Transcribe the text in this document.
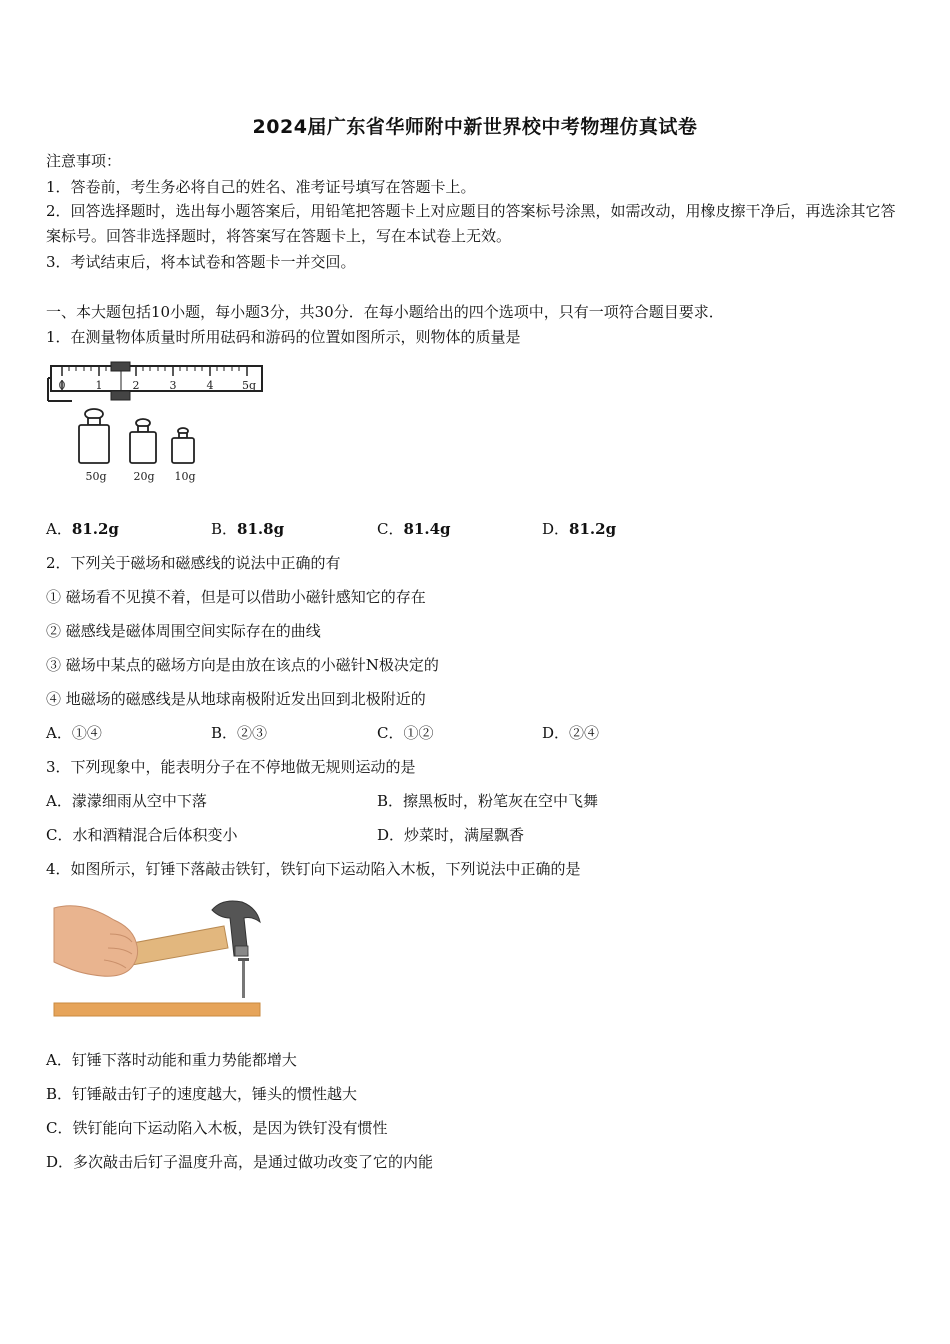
2024届广东省华师附中新世界校中考物理仿真试卷
注意事项：
1．答卷前，考生务必将自己的姓名、准考证号填写在答题卡上。
2．回答选择题时，选出每小题答案后，用铅笔把答题卡上对应题目的答案标号涂黑，如需改动，用橡皮擦干净后，再选涂其它答案标号。回答非选择题时，将答案写在答题卡上，写在本试卷上无效。
3．考试结束后，将本试卷和答题卡一并交回。
一、本大题包括10小题，每小题3分，共30分．在每小题给出的四个选项中，只有一项符合题目要求．
1．在测量物体质量时所用砝码和游码的位置如图所示，则物体的质量是
0	1	2	3	4	5g
50g 20g 10g
A．81.2g	B．81.8g	C．81.4g	D．81.2g
2．下列关于磁场和磁感线的说法中正确的有
① 磁场看不见摸不着，但是可以借助小磁针感知它的存在
② 磁感线是磁体周围空间实际存在的曲线
③ 磁场中某点的磁场方向是由放在该点的小磁针N极决定的
④ 地磁场的磁感线是从地球南极附近发出回到北极附近的
A．①④	B．②③	C．①②	D．②④
3．下列现象中，能表明分子在不停地做无规则运动的是
A．濛濛细雨从空中下落	B．擦黑板时，粉笔灰在空中飞舞
C．水和酒精混合后体积变小	D．炒菜时，满屋飘香
4．如图所示，钉锤下落敲击铁钉，铁钉向下运动陷入木板，下列说法中正确的是
A．钉锤下落时动能和重力势能都增大
B．钉锤敲击钉子的速度越大，锤头的惯性越大
C．铁钉能向下运动陷入木板，是因为铁钉没有惯性
D．多次敲击后钉子温度升高，是通过做功改变了它的内能
